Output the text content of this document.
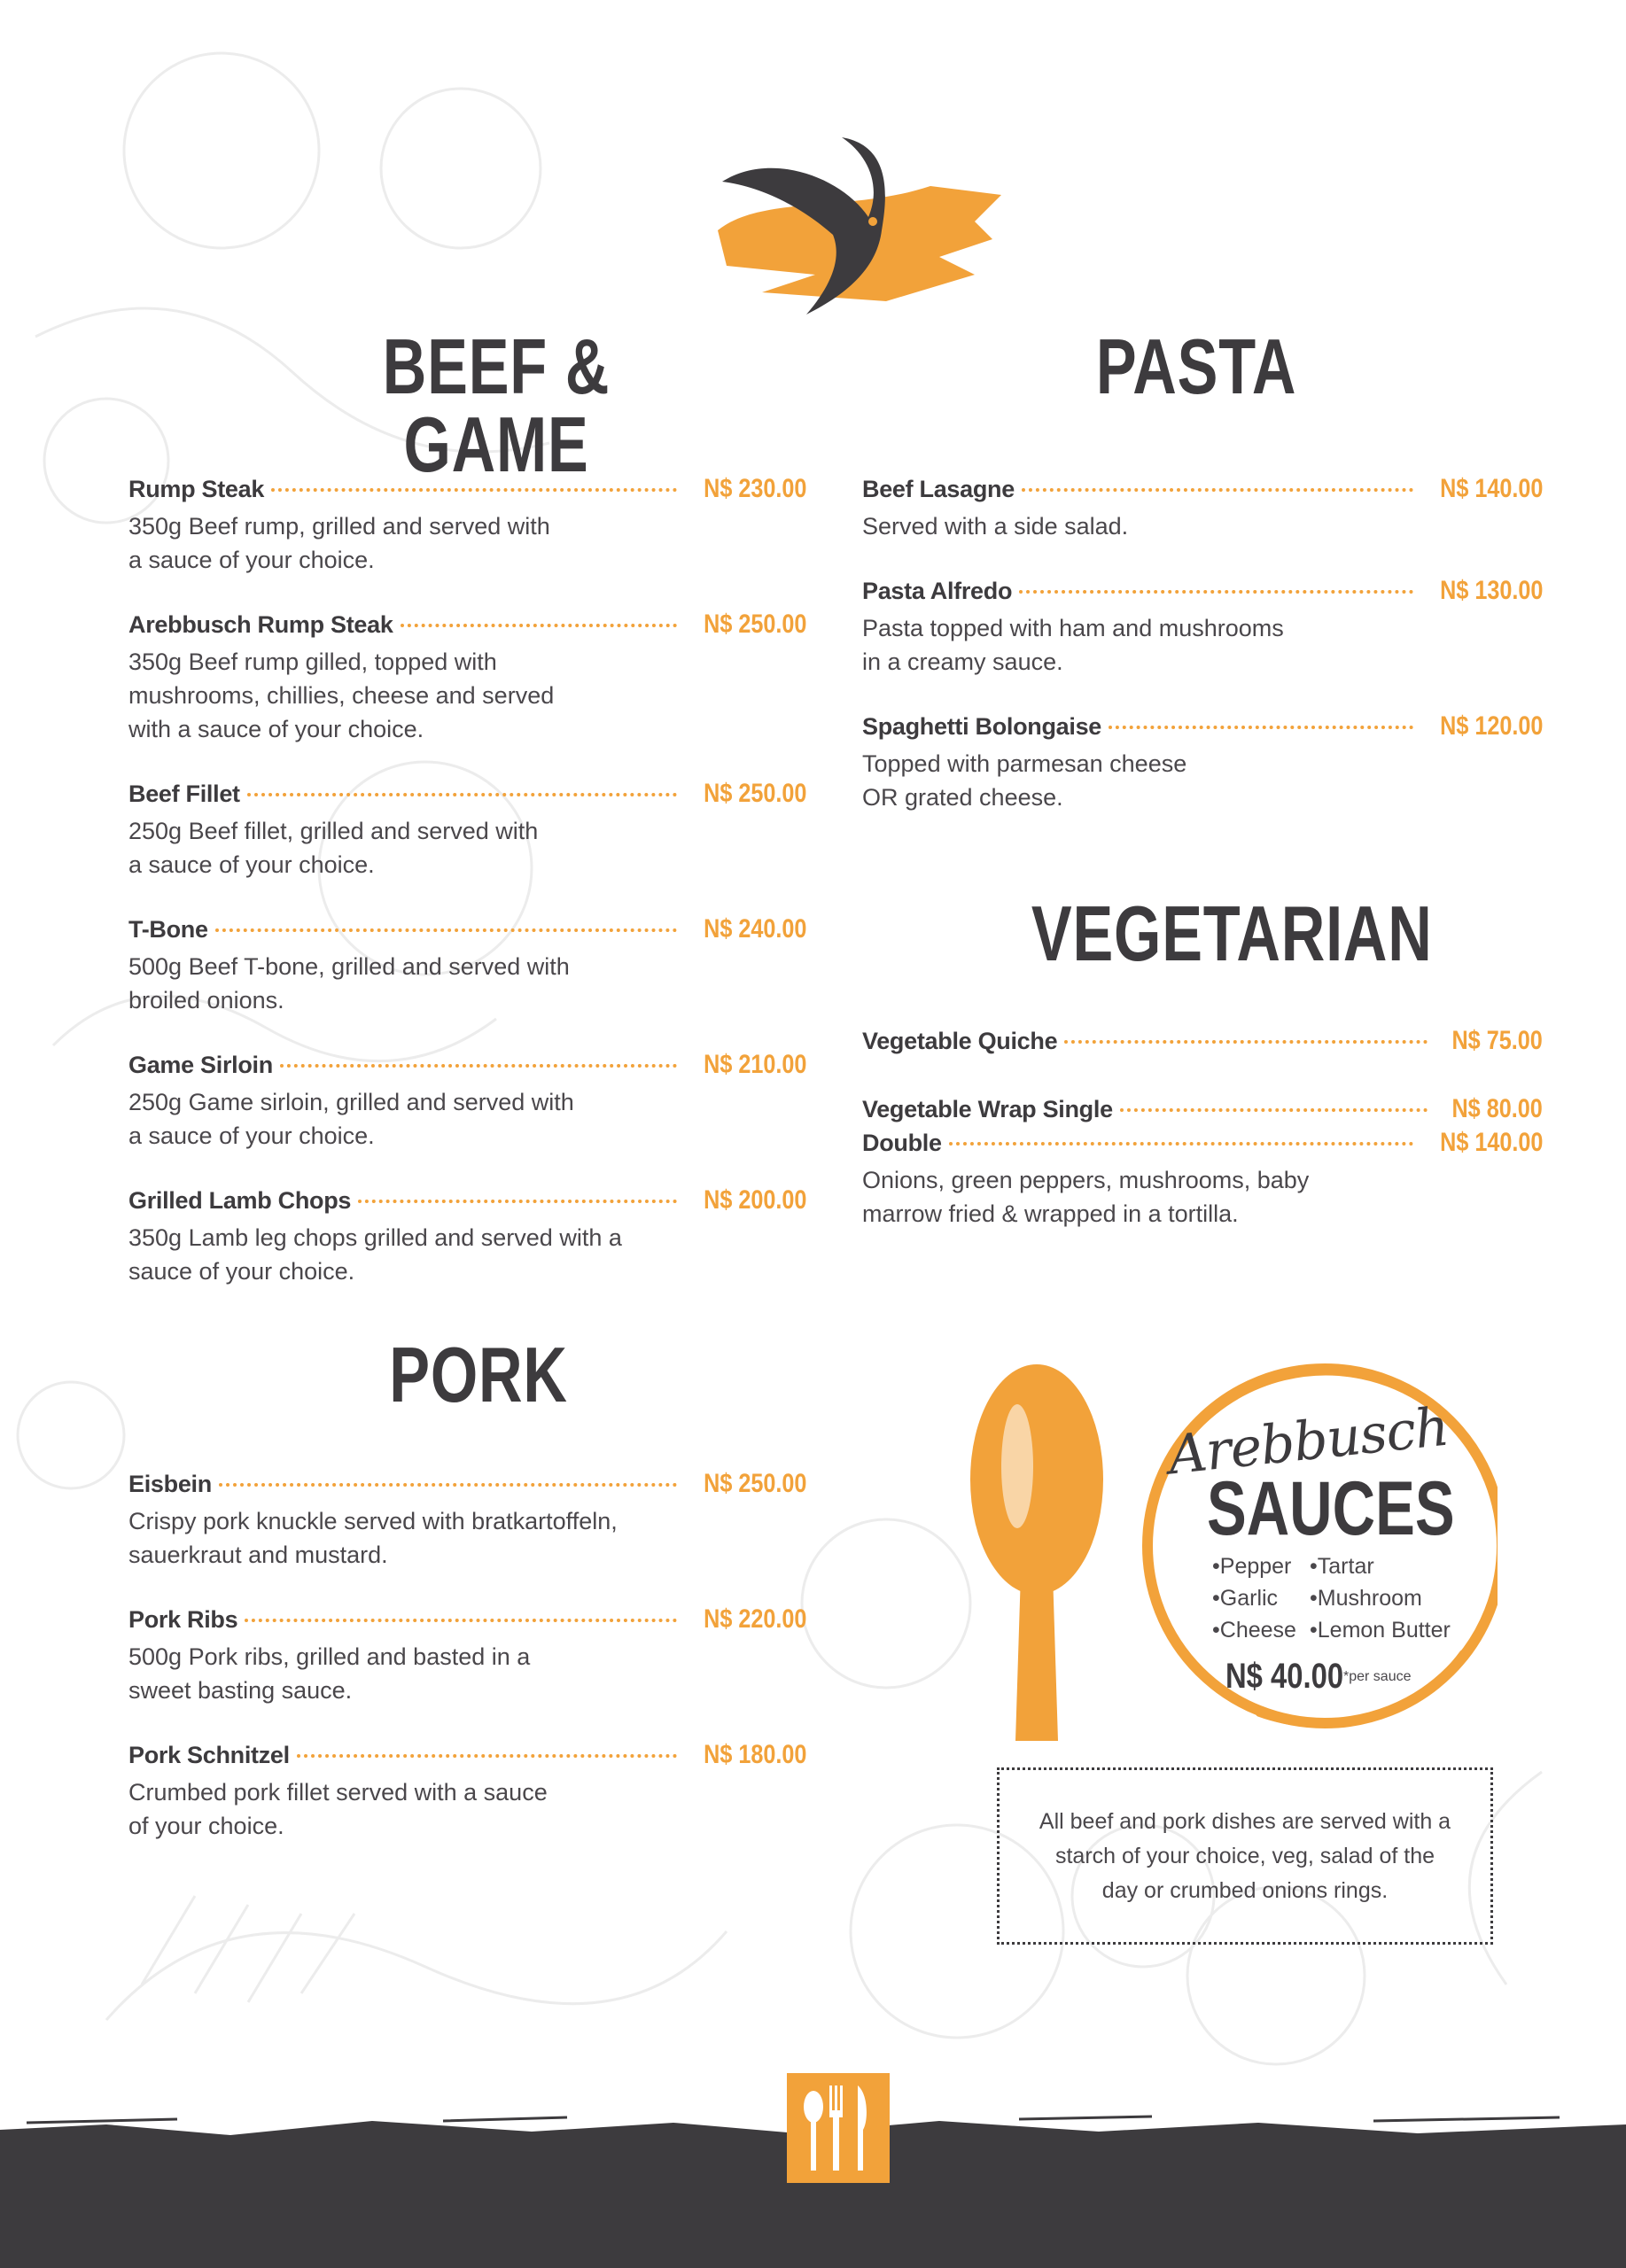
BEEF & GAME
Rump Steak	N$ 230.00
350g Beef rump, grilled and served with
a sauce of your choice.
Arebbusch Rump Steak	N$ 250.00
350g Beef rump gilled, topped with
mushrooms, chillies, cheese and served
with a sauce of your choice.
Beef Fillet	N$ 250.00
250g Beef fillet, grilled and served with
a sauce of your choice.
T-Bone	N$ 240.00
500g Beef T-bone, grilled and served with
broiled onions.
Game Sirloin	N$ 210.00
250g Game sirloin, grilled and served with
a sauce of your choice.
Grilled Lamb Chops	N$ 200.00
350g Lamb leg chops grilled and served with a
sauce of your choice.
PORK
Eisbein	N$ 250.00
Crispy pork knuckle served with bratkartoffeln,
sauerkraut and mustard.
Pork Ribs	N$ 220.00
500g Pork ribs, grilled and basted in a
sweet basting sauce.
Pork Schnitzel	N$ 180.00
Crumbed pork fillet served with a sauce
of your choice.
PASTA
Beef Lasagne	N$ 140.00
Served with a side salad.
Pasta Alfredo	N$ 130.00
Pasta topped with ham and mushrooms
in a creamy sauce.
Spaghetti Bolongaise	N$ 120.00
Topped with parmesan cheese
OR grated cheese.
VEGETARIAN
Vegetable Quiche	N$ 75.00
Vegetable Wrap Single	N$ 80.00
Double	N$ 140.00
Onions, green peppers, mushrooms, baby
marrow fried & wrapped in a tortilla.
Arebbusch
SAUCES
• Pepper	• Tartar
• Garlic	• Mushroom
• Cheese • Lemon Butter
N$ 40.00 *per sauce
All beef and pork dishes are served with a starch of your choice, veg, salad of the day or crumbed onions rings.
